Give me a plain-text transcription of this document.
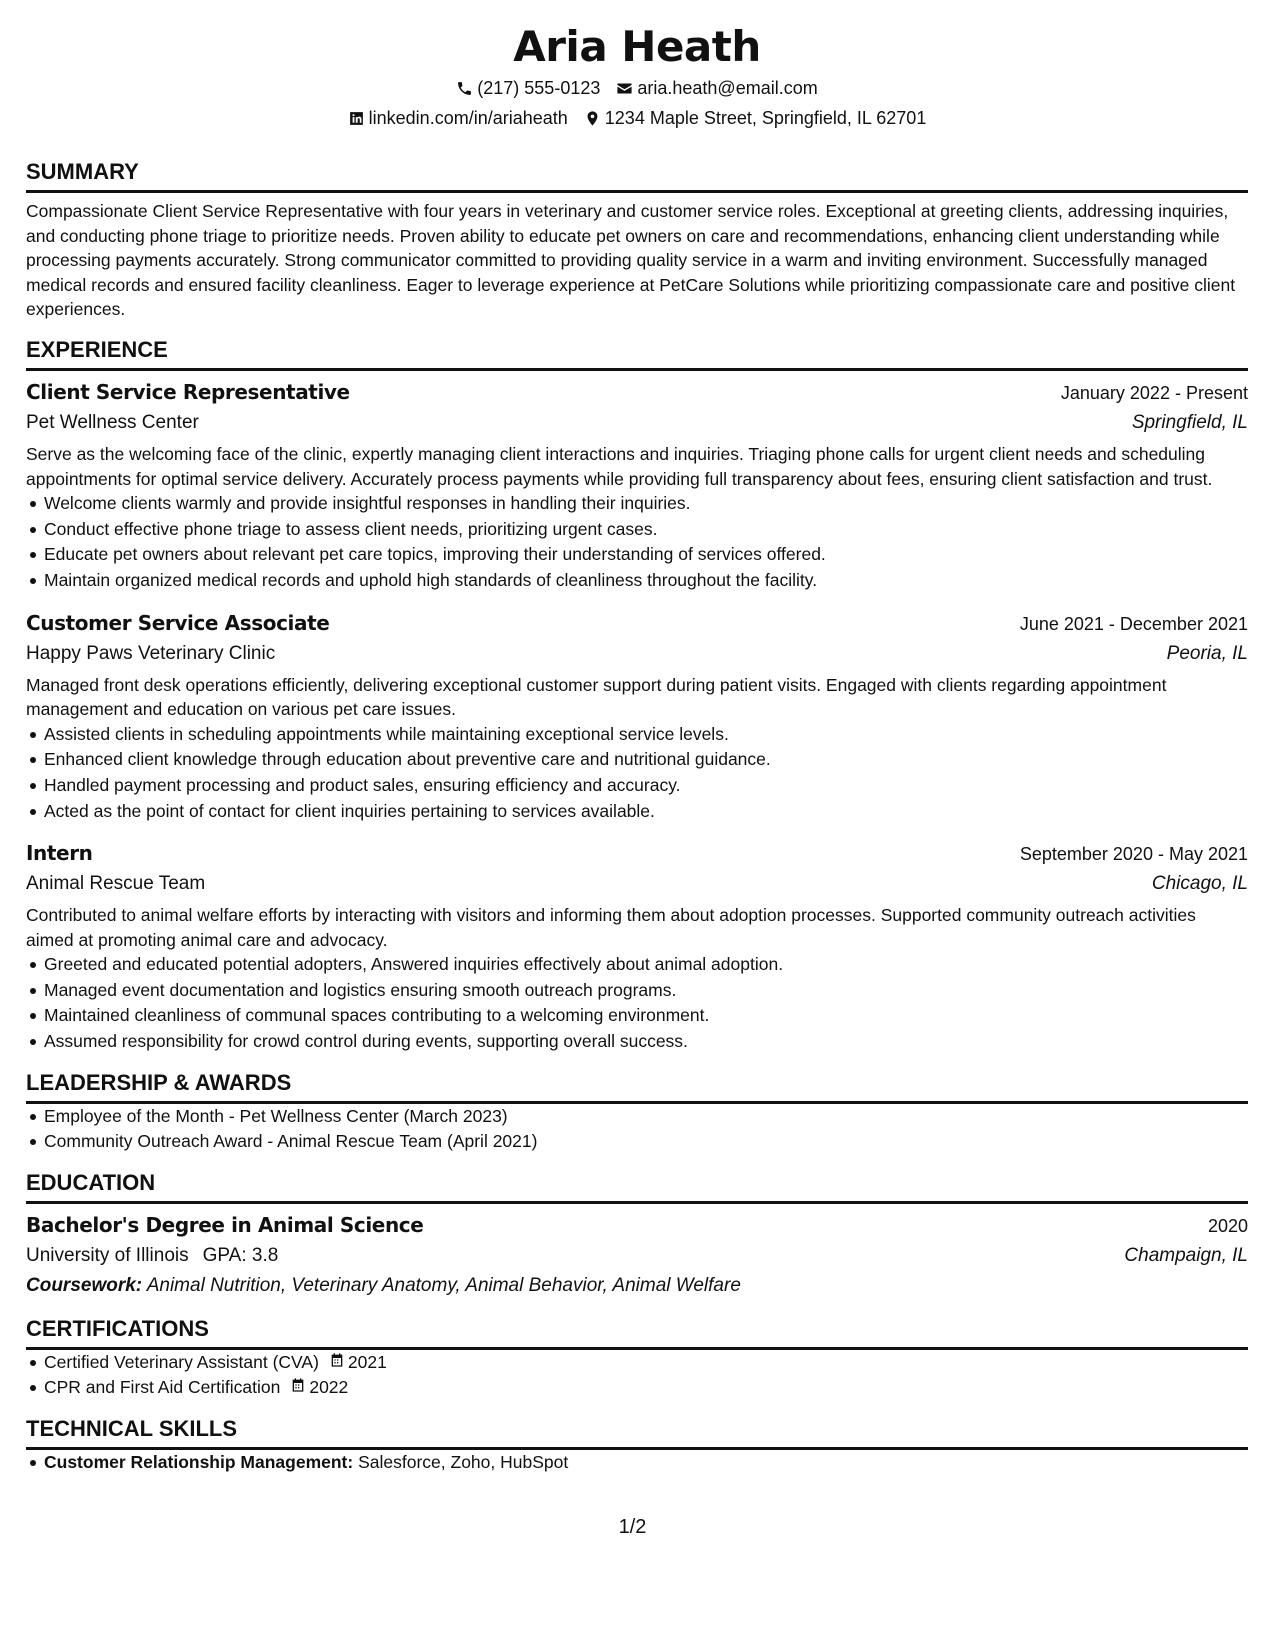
Aria Heath
(217) 555-0123 aria.heath@email.com
linkedin.com/in/ariaheath 1234 Maple Street, Springfield, IL 62701
SUMMARY

Compassionate Client Service Representative with four years in veterinary and customer service roles. Exceptional at greeting clients, addressing inquiries, and conducting phone triage to prioritize needs. Proven ability to educate pet owners on care and recommendations, enhancing client understanding while processing payments accurately. Strong communicator committed to providing quality service in a warm and inviting environment. Successfully managed medical records and ensured facility cleanliness. Eager to leverage experience at PetCare Solutions while prioritizing compassionate care and positive client experiences.

EXPERIENCE
Client Service Representative	January 2022 - Present
Pet Wellness Center	Springfield, IL

Serve as the welcoming face of the clinic, expertly managing client interactions and inquiries. Triaging phone calls for urgent client needs and scheduling appointments for optimal service delivery. Accurately process payments while providing full transparency about fees, ensuring client satisfaction and trust.

Welcome clients warmly and provide insightful responses in handling their inquiries.
Conduct effective phone triage to assess client needs, prioritizing urgent cases.
Educate pet owners about relevant pet care topics, improving their understanding of services offered.
Maintain organized medical records and uphold high standards of cleanliness throughout the facility.
Customer Service Associate	June 2021 - December 2021
Happy Paws Veterinary Clinic	Peoria, IL

Managed front desk operations efficiently, delivering exceptional customer support during patient visits. Engaged with clients regarding appointment management and education on various pet care issues.

Assisted clients in scheduling appointments while maintaining exceptional service levels.
Enhanced client knowledge through education about preventive care and nutritional guidance.
Handled payment processing and product sales, ensuring efficiency and accuracy.
Acted as the point of contact for client inquiries pertaining to services available.
Intern	September 2020 - May 2021
Animal Rescue Team	Chicago, IL

Contributed to animal welfare efforts by interacting with visitors and informing them about adoption processes. Supported community outreach activities aimed at promoting animal care and advocacy.

Greeted and educated potential adopters, Answered inquiries effectively about animal adoption.
Managed event documentation and logistics ensuring smooth outreach programs.
Maintained cleanliness of communal spaces contributing to a welcoming environment.
Assumed responsibility for crowd control during events, supporting overall success.
LEADERSHIP & AWARDS
Employee of the Month - Pet Wellness Center (March 2023)
Community Outreach Award - Animal Rescue Team (April 2021)
EDUCATION
Bachelor's Degree in Animal Science	2020
University of Illinois GPA: 3.8	Champaign, IL
Coursework: Animal Nutrition, Veterinary Anatomy, Animal Behavior, Animal Welfare
CERTIFICATIONS
Certified Veterinary Assistant (CVA) 2021
CPR and First Aid Certification 2022
TECHNICAL SKILLS
Customer Relationship Management: Salesforce, Zoho, HubSpot
1/2
